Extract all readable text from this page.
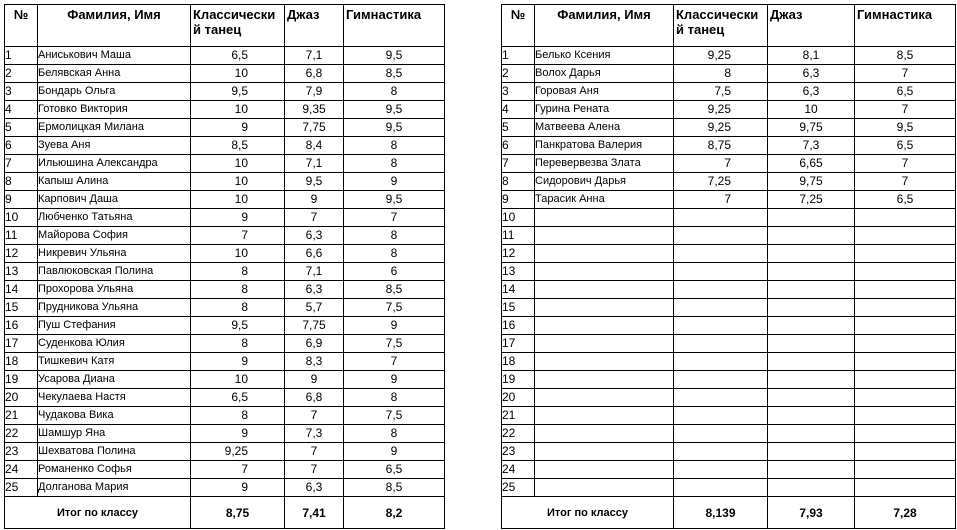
№	Фамилия, Имя	Классический танец	Джаз	Гимнастика
1	Аниськович Маша	6,5	7,1	9,5
2	Белявская Анна	10	6,8	8,5
3	Бондарь Ольга	9,5	7,9	8
4	Готовко Виктория	10	9,35	9,5
5	Ермолицкая Милана	9	7,75	9,5
6	Зуева Аня	8,5	8,4	8
7	Ильюшина Александра	10	7,1	8
8	Капыш Алина	10	9,5	9
9	Карпович Даша	10	9	9,5
10	Любченко Татьяна	9	7	7
11	Майорова София	7	6,3	8
12	Никревич Ульяна	10	6,6	8
13	Павлюковская Полина	8	7,1	6
14	Прохорова Ульяна	8	6,3	8,5
15	Прудникова Ульяна	8	5,7	7,5
16	Пуш Стефания	9,5	7,75	9
17	Суденкова Юлия	8	6,9	7,5
18	Тишкевич Катя	9	8,3	7
19	Усарова Диана	10	9	9
20	Чекулаева Настя	6,5	6,8	8
21	Чудакова Вика	8	7	7,5
22	Шамшур Яна	9	7,3	8
23	Шехватова Полина	9,25	7	9
24	Романенко Софья	7	7	6,5
25	Долганова Мария	9	6,3	8,5
Итог по классу		8,75	7,41	8,2
№	Фамилия, Имя	Классический танец	Джаз	Гимнастика
1	Белько Ксения	9,25	8,1	8,5
2	Волох Дарья	8	6,3	7
3	Горовая Аня	7,5	6,3	6,5
4	Гурина Рената	9,25	10	7
5	Матвеева Алена	9,25	9,75	9,5
6	Панкратова Валерия	8,75	7,3	6,5
7	Перевервезва Злата	7	6,65	7
8	Сидорович Дарья	7,25	9,75	7
9	Тарасик Анна	7	7,25	6,5
10				
11				
12				
13				
14				
15				
16				
17				
18				
19				
20				
21				
22				
23				
24				
25				
Итог по классу		8,139	7,93	7,28
